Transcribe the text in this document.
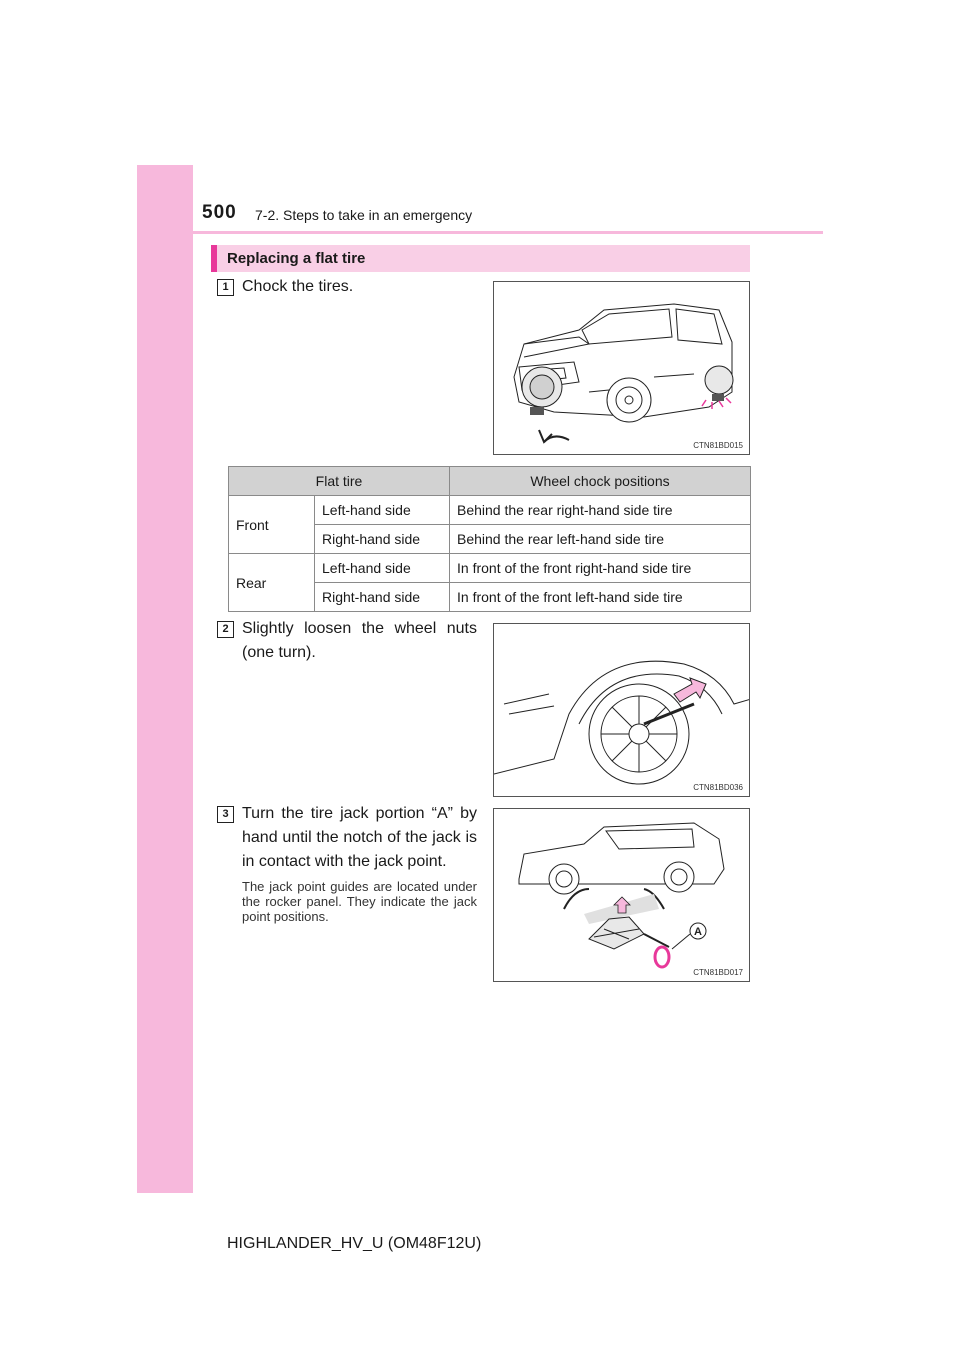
500 7-2. Steps to take in an emergency
Replacing a flat tire
1 Chock the tires.
CTN81BD015
Flat tire		Wheel chock positions
Front	Left-hand side	Behind the rear right-hand side tire
	Right-hand side	Behind the rear left-hand side tire
Rear	Left-hand side	In front of the front right-hand side tire
	Right-hand side	In front of the front left-hand side tire
2 Slightly loosen the wheel nuts (one turn).
CTN81BD036
3 Turn the tire jack portion “A” by hand until the notch of the jack is in contact with the jack point.
The jack point guides are located under the rocker panel. They indicate the jack point positions.
A
CTN81BD017
HIGHLANDER_HV_U (OM48F12U)
